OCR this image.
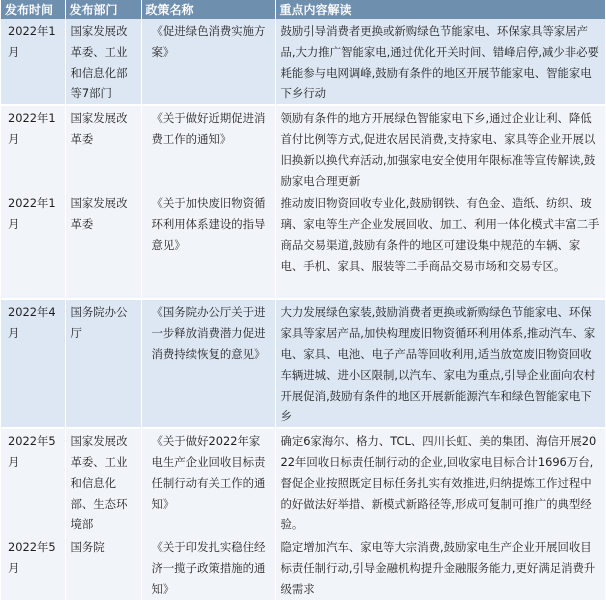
发布时间	发布部门	政策名称	重点内容解读
2022年1月	国家发展改革委、工业和信息化部等7部门	《促进绿色消费实施方案》	鼓励引导消费者更换或新购绿色节能家电、环保家具等家居产品,大力推广智能家电,通过优化开关时间、错峰启停,减少非必要耗能参与电网调峰,鼓励有条件的地区开展节能家电、智能家电下乡行动
2022年1月	国家发展改革委	《关于做好近期促进消费工作的通知》	领励有条件的地方开展绿色智能家电下乡,通过企业让利、降低首付比例等方式,促进农居民消费,支持家电、家具等企业开展以旧换新以换代弃活动,加强家电安全使用年限标准等宣传解读,鼓励家电合理更新
2022年1月	国家发展改革委	《关于加快废旧物资循环利用体系建设的指导意见》	推动废旧物资回收专业化,鼓励钢铁、有色金、造纸、纺织、玻璃、家电等生产企业发展回收、加工、利用一体化模式丰富二手商品交易渠道,鼓励有条件的地区可建设集中规范的车辆、家电、手机、家具、服装等二手商品交易市场和交易专区。
2022年4月	国务院办公厅	《国务院办公厅关于进一步释放消费潜力促进消费持续恢复的意见》	大力发展绿色家装,鼓励消费者更换或新购绿色节能家电、环保家具等家居产品,加快构理废旧物资循环利用体系,推动汽车、家电、家具、电池、电子产品等回收利用,适当放宽废旧物资回收车辆进城、进小区限制,以汽车、家电为重点,引导企业面向农村开展促消,鼓励有条件的地区开展新能源汽车和绿色智能家电下乡
2022年5月	国家发展改革委、工业和信息化部、生态环境部	《关于做好2022年家电生产企业回收目标责任制行动有关工作的通知》	确定6家海尔、格力、TCL、四川长虹、美的集团、海信开展2022年回收日标责任制行动的企业,回收家电目标合计1696万台,督促企业按照既定目标任务扎实有效推进,归纳提炼工作过程中的好做法好举措、新模式新路径等,形成可复制可推广的典型经验。
2022年5月	国务院	《关于印发扎实稳住经济一揽子政策措施的通知》	隐定增加汽车、家电等大宗消费,鼓励家电生产企业开展回收目标责任制行动,引导金融机构提升金融服务能力,更好满足消费升级需求
